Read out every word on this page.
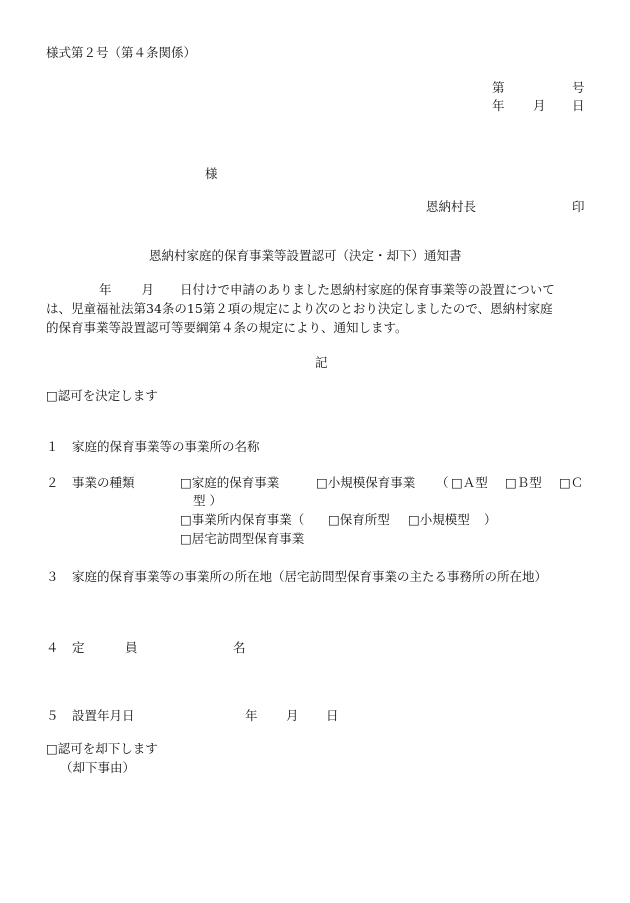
様式第２号（第４条関係）
第	号
年 月 日
様
恩納村長	印
恩納村家庭的保育事業等設置認可（決定・却下）通知書
年 月 日付けで申請のありました恩納村家庭的保育事業等の設置について
は、児童福祉法第34条の15第２項の規定により次のとおり決定しましたので、恩納村家庭
的保育事業等設置認可等要綱第４条の規定により、通知します。
記
□認可を決定します
１ 家庭的保育事業等の事業所の名称
２ 事業の種類	□家庭的保育事業	□小規模保育事業 （ □Ａ型 □Ｂ型 □Ｃ
型 ）
□事業所内保育事業（ □保育所型 □小規模型 ）
□居宅訪問型保育事業
３ 家庭的保育事業等の事業所の所在地（居宅訪問型保育事業の主たる事務所の所在地）
４ 定	員	名
５ 設置年月日	年 月 日
□認可を却下します
（却下事由）
